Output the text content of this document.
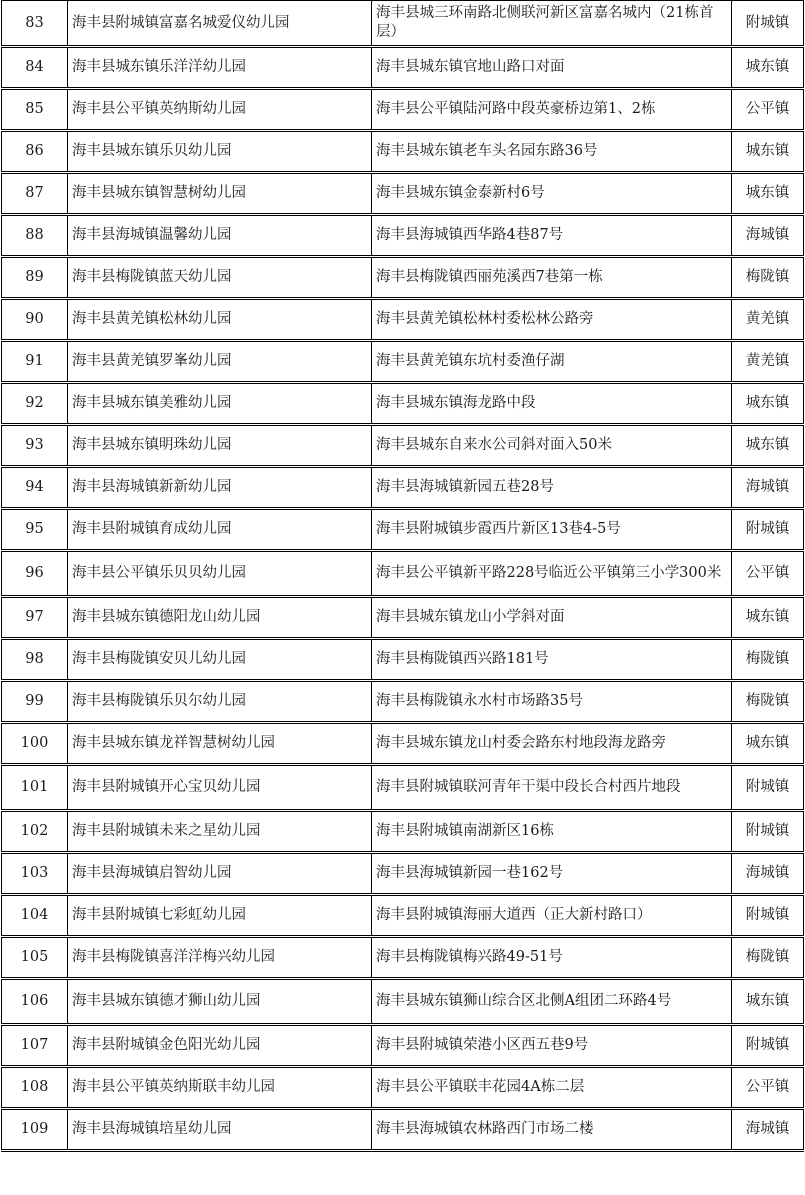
83	海丰县附城镇富嘉名城爱仪幼儿园	海丰县城三环南路北侧联河新区富嘉名城内（21栋首层）	附城镇
84	海丰县城东镇乐洋洋幼儿园	海丰县城东镇官地山路口对面	城东镇
85	海丰县公平镇英纳斯幼儿园	海丰县公平镇陆河路中段英豪桥边第1、2栋	公平镇
86	海丰县城东镇乐贝幼儿园	海丰县城东镇老车头名园东路36号	城东镇
87	海丰县城东镇智慧树幼儿园	海丰县城东镇金泰新村6号	城东镇
88	海丰县海城镇温馨幼儿园	海丰县海城镇西华路4巷87号	海城镇
89	海丰县梅陇镇蓝天幼儿园	海丰县梅陇镇西丽苑溪西7巷第一栋	梅陇镇
90	海丰县黄羌镇松林幼儿园	海丰县黄羌镇松林村委松林公路旁	黄羌镇
91	海丰县黄羌镇罗峯幼儿园	海丰县黄羌镇东坑村委渔仔湖	黄羌镇
92	海丰县城东镇美雅幼儿园	海丰县城东镇海龙路中段	城东镇
93	海丰县城东镇明珠幼儿园	海丰县城东自来水公司斜对面入50米	城东镇
94	海丰县海城镇新新幼儿园	海丰县海城镇新园五巷28号	海城镇
95	海丰县附城镇育成幼儿园	海丰县附城镇步霞西片新区13巷4-5号	附城镇
96	海丰县公平镇乐贝贝幼儿园	海丰县公平镇新平路228号临近公平镇第三小学300米	公平镇
97	海丰县城东镇德阳龙山幼儿园	海丰县城东镇龙山小学斜对面	城东镇
98	海丰县梅陇镇安贝儿幼儿园	海丰县梅陇镇西兴路181号	梅陇镇
99	海丰县梅陇镇乐贝尔幼儿园	海丰县梅陇镇永水村市场路35号	梅陇镇
100	海丰县城东镇龙祥智慧树幼儿园	海丰县城东镇龙山村委会路东村地段海龙路旁	城东镇
101	海丰县附城镇开心宝贝幼儿园	海丰县附城镇联河青年干渠中段长合村西片地段	附城镇
102	海丰县附城镇未来之星幼儿园	海丰县附城镇南湖新区16栋	附城镇
103	海丰县海城镇启智幼儿园	海丰县海城镇新园一巷162号	海城镇
104	海丰县附城镇七彩虹幼儿园	海丰县附城镇海丽大道西（正大新村路口）	附城镇
105	海丰县梅陇镇喜洋洋梅兴幼儿园	海丰县梅陇镇梅兴路49-51号	梅陇镇
106	海丰县城东镇德才狮山幼儿园	海丰县城东镇狮山综合区北侧A组团二环路4号	城东镇
107	海丰县附城镇金色阳光幼儿园	海丰县附城镇荣港小区西五巷9号	附城镇
108	海丰县公平镇英纳斯联丰幼儿园	海丰县公平镇联丰花园4A栋二层	公平镇
109	海丰县海城镇培星幼儿园	海丰县海城镇农林路西门市场二楼	海城镇
